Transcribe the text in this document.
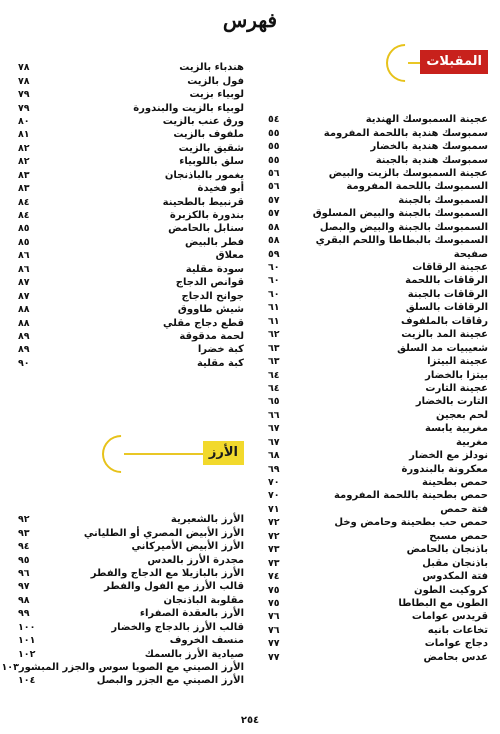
فهرس
المقبلات
عجينة السمبوسك الهندية
٥٤
سمبوسك هندية باللحمة المفرومة
٥٥
سمبوسك هندية بالخضار
٥٥
سمبوسك هندية بالجبنة
٥٥
عجينة السمبوسك بالزيت والبيض
٥٦
السمبوسك باللحمة المفرومة
٥٦
السمبوسك بالجبنة
٥٧
السمبوسك بالجبنة والبيض المسلوق
٥٧
السمبوسك بالجبنة والبيض والبصل
٥٨
السمبوسك بالبطاطا واللحم البقري
٥٨
صفيحة
٥٩
عجينة الرقاقات
٦٠
الرقاقات باللحمة
٦٠
الرقاقات بالجبنة
٦٠
الرقاقات بالسلق
٦١
رقاقات بالملفوف
٦١
عجينة المد بالزيت
٦٢
شعيبيات مد السلق
٦٣
عجينة البيتزا
٦٣
بيتزا بالخضار
٦٤
عجينة التارت
٦٤
التارت بالخضار
٦٥
لحم بعجين
٦٦
مغربية يابسة
٦٧
مغربية
٦٧
نودلز مع الخضار
٦٨
معكرونة بالبندورة
٦٩
حمص بطحينة
٧٠
حمص بطحينة باللحمة المفرومة
٧٠
فتة حمص
٧١
حمص حب بطحينة وحامض وخل
٧٢
حمص مسبح
٧٢
باذنجان بالحامض
٧٣
باذنجان مقبل
٧٣
فتة المكدوس
٧٤
كروكيت الطون
٧٥
الطون مع البطاطا
٧٥
قريدس عوامات
٧٦
تخاعات بانيه
٧٦
دجاج عوامات
٧٧
عدس بحامض
٧٧
هندباء بالزيت
٧٨
فول بالزيت
٧٨
لوبياء بزيت
٧٩
لوبياء بالزيت والبندورة
٧٩
ورق عنب بالزيت
٨٠
ملفوف بالزيت
٨١
شقيق بالزيت
٨٢
سلق باللوبياء
٨٢
يغمور بالباذنجان
٨٣
أبو فخيدة
٨٣
قرنبيط بالطحينة
٨٤
بندورة بالكزبرة
٨٤
سنابل بالحامض
٨٥
فطر بالبيض
٨٥
معلاق
٨٦
سودة مقلية
٨٦
قوانص الدجاج
٨٧
جوانح الدجاج
٨٧
شيش طاووق
٨٨
قطع دجاج مقلي
٨٨
لحمة مدقوقة
٨٩
كبة خضرا
٨٩
كبة مقلية
٩٠
الأرز
الأرز بالشعيرية
٩٢
الأرز الأبيض المصري أو الطلياني
٩٣
الأرز الأبيض الأميركاني
٩٤
مجدرة الأرز بالعدس
٩٥
الأرز بالبازيلا مع الدجاج والفطر
٩٦
قالب الأرز مع الفول والفطر
٩٧
مقلوبة الباذنجان
٩٨
الأرز بالعقدة الصفراء
٩٩
قالب الأرز بالدجاج والخضار
١٠٠
منسف الخروف
١٠١
صيادية الأرز بالسمك
١٠٢
الأرز الصيني مع الصويا سوس والجزر المبشور
١٠٣
الأرز الصيني مع الجزر والبصل
١٠٤
٢٥٤
